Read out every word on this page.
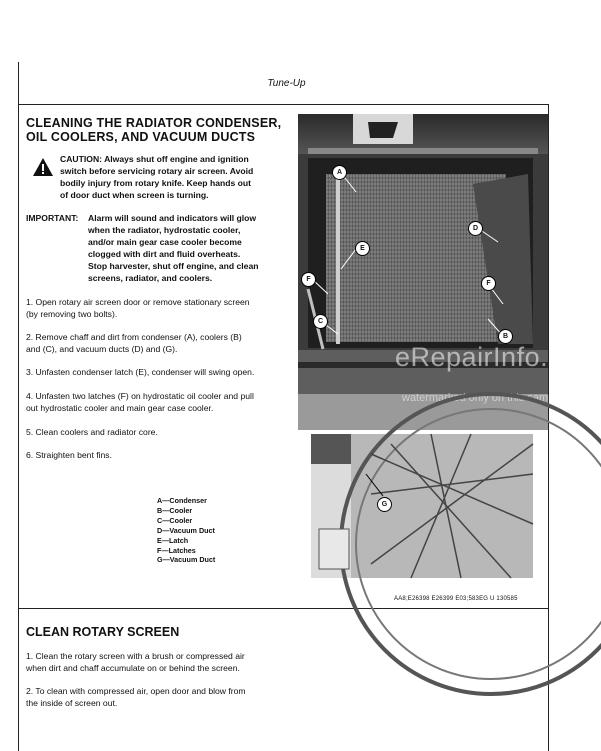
Tune-Up
CLEANING THE RADIATOR CONDENSER,
OIL COOLERS, AND VACUUM DUCTS
CAUTION: Always shut off engine and ignition
switch before servicing rotary air screen. Avoid
bodily injury from rotary knife. Keep hands out
of door duct when screen is turning.
IMPORTANT: Alarm will sound and indicators will glow
when the radiator, hydrostatic cooler,
and/or main gear case cooler become
clogged with dirt and fluid overheats.
Stop harvester, shut off engine, and clean
screens, radiator, and coolers.
1. Open rotary air screen door or remove stationary screen
(by removing two bolts).
2. Remove chaff and dirt from condenser (A), coolers (B)
and (C), and vacuum ducts (D) and (G).
3. Unfasten condenser latch (E), condenser will swing open.
4. Unfasten two latches (F) on hydrostatic oil cooler and pull
out hydrostatic cooler and main gear case cooler.
5. Clean coolers and radiator core.
6. Straighten bent fins.
A—Condenser
B—Cooler
C—Cooler
D—Vacuum Duct
E—Latch
F—Latches
G—Vacuum Duct
A
E
D
F
F
C
B
eRepairInfo.com
watermarked only on this sample
G
AA8;E26398 E26399 E03;583EG U 130585
CLEAN ROTARY SCREEN
1. Clean the rotary screen with a brush or compressed air
when dirt and chaff accumulate on or behind the screen.
2. To clean with compressed air, open door and blow from
the inside of screen out.
